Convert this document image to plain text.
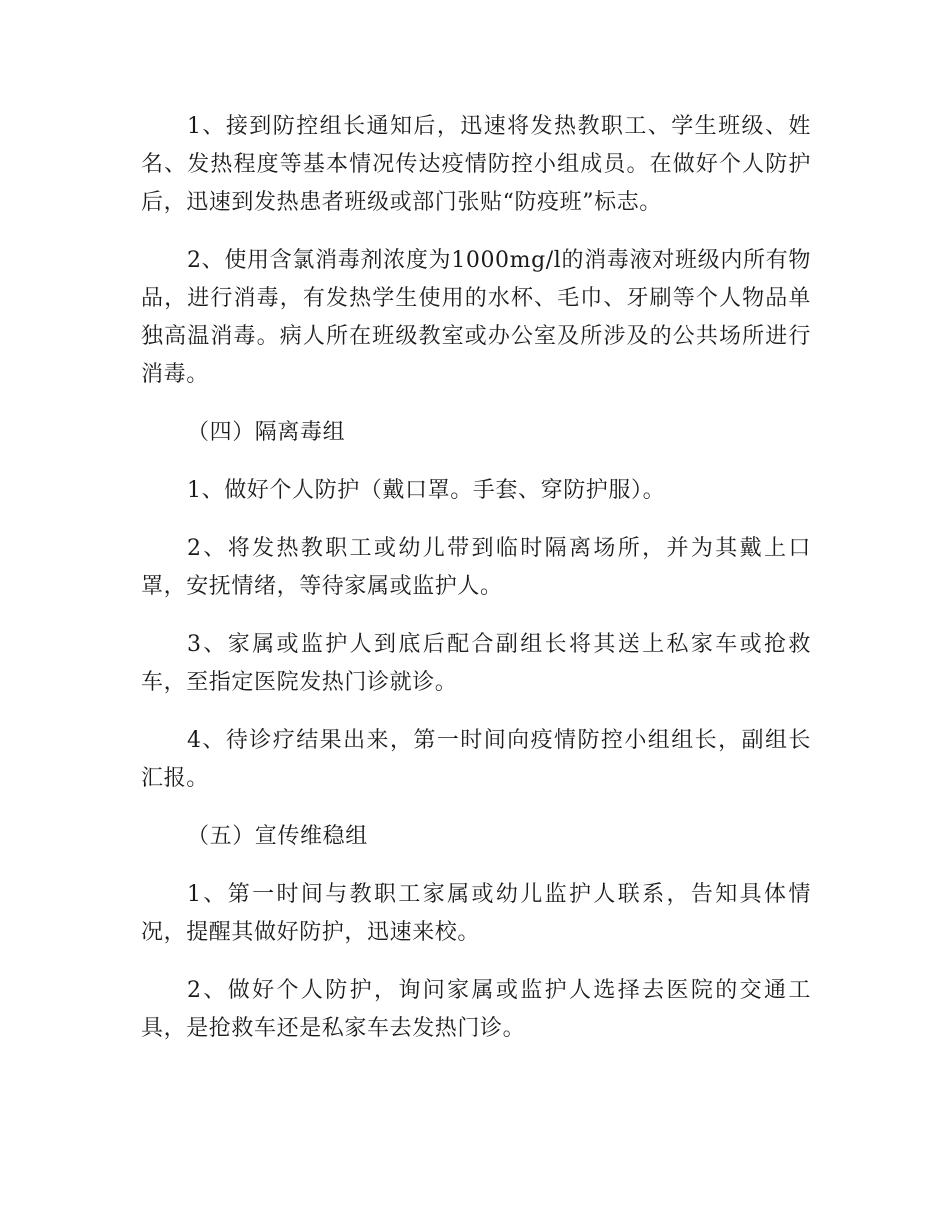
1、接到防控组长通知后，迅速将发热教职工、学生班级、姓名、发热程度等基本情况传达疫情防控小组成员。在做好个人防护后，迅速到发热患者班级或部门张贴“防疫班”标志。

2、使用含氯消毒剂浓度为1000mg/l的消毒液对班级内所有物品，进行消毒，有发热学生使用的水杯、毛巾、牙刷等个人物品单独高温消毒。病人所在班级教室或办公室及所涉及的公共场所进行消毒。

（四）隔离毒组

1、做好个人防护（戴口罩。手套、穿防护服）。

2、将发热教职工或幼儿带到临时隔离场所，并为其戴上口罩，安抚情绪，等待家属或监护人。

3、家属或监护人到底后配合副组长将其送上私家车或抢救车，至指定医院发热门诊就诊。

4、待诊疗结果出来，第一时间向疫情防控小组组长，副组长汇报。

（五）宣传维稳组

1、第一时间与教职工家属或幼儿监护人联系，告知具体情况，提醒其做好防护，迅速来校。

2、做好个人防护，询问家属或监护人选择去医院的交通工具，是抢救车还是私家车去发热门诊。
